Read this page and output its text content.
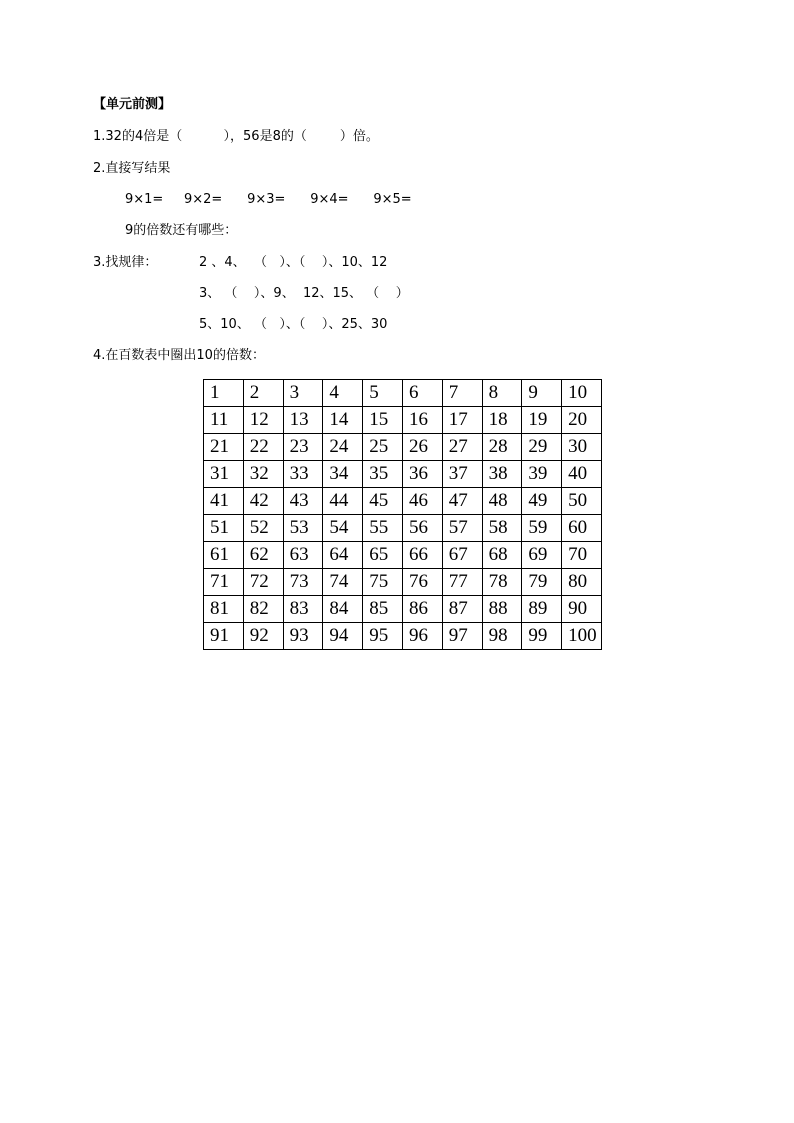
【单元前测】
1.32的4倍是（          ），56是8的（        ）倍。
2.直接写结果
9×1=     9×2=      9×3=      9×4=      9×5=
9的倍数还有哪些：
3.找规律：	2 、4、  （   ）、（    ）、10、12
3、 （    ）、9、  12、15、 （    ）
5、10、 （   ）、（    ）、25、30
4.在百数表中圈出10的倍数：
1	2	3	4	5	6	7	8	9	10
11	12	13	14	15	16	17	18	19	20
21	22	23	24	25	26	27	28	29	30
31	32	33	34	35	36	37	38	39	40
41	42	43	44	45	46	47	48	49	50
51	52	53	54	55	56	57	58	59	60
61	62	63	64	65	66	67	68	69	70
71	72	73	74	75	76	77	78	79	80
81	82	83	84	85	86	87	88	89	90
91	92	93	94	95	96	97	98	99	100
